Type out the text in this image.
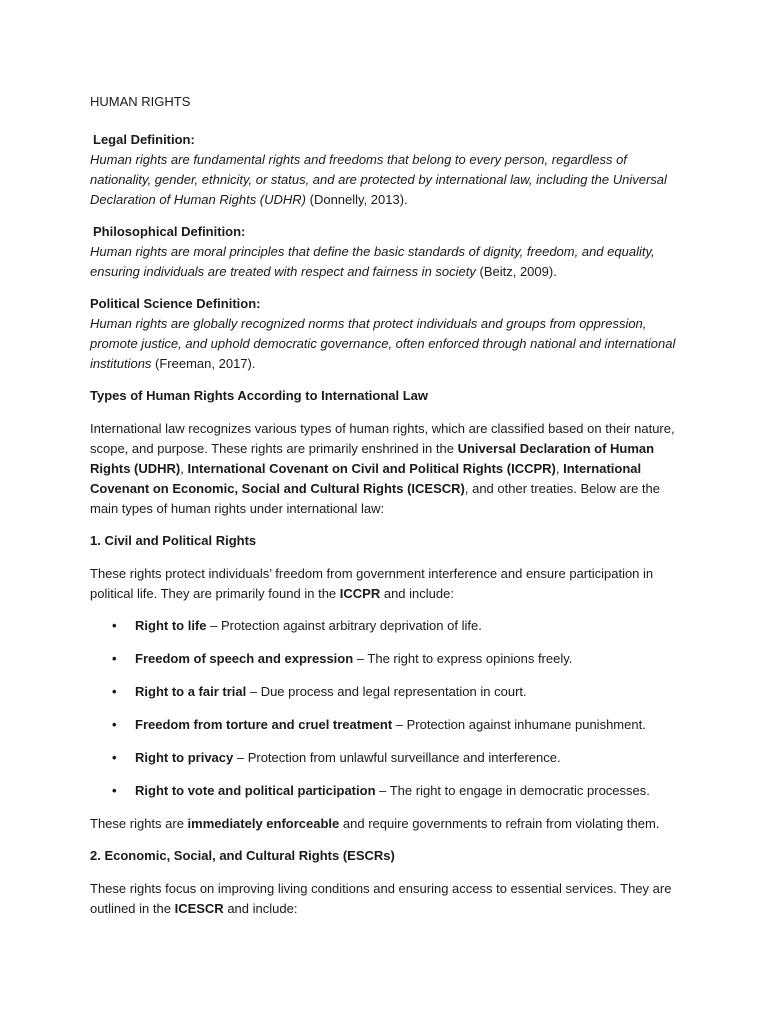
HUMAN RIGHTS

Legal Definition:

Human rights are fundamental rights and freedoms that belong to every person, regardless of nationality, gender, ethnicity, or status, and are protected by international law, including the Universal Declaration of Human Rights (UDHR) (Donnelly, 2013).

Philosophical Definition:

Human rights are moral principles that define the basic standards of dignity, freedom, and equality, ensuring individuals are treated with respect and fairness in society (Beitz, 2009).

Political Science Definition:

Human rights are globally recognized norms that protect individuals and groups from oppression, promote justice, and uphold democratic governance, often enforced through national and international institutions (Freeman, 2017).

Types of Human Rights According to International Law

International law recognizes various types of human rights, which are classified based on their nature, scope, and purpose. These rights are primarily enshrined in the Universal Declaration of Human Rights (UDHR), International Covenant on Civil and Political Rights (ICCPR), International Covenant on Economic, Social and Cultural Rights (ICESCR), and other treaties. Below are the main types of human rights under international law:

1. Civil and Political Rights

These rights protect individuals’ freedom from government interference and ensure participation in political life. They are primarily found in the ICCPR and include:

• Right to life – Protection against arbitrary deprivation of life.
• Freedom of speech and expression – The right to express opinions freely.
• Right to a fair trial – Due process and legal representation in court.
• Freedom from torture and cruel treatment – Protection against inhumane punishment.
• Right to privacy – Protection from unlawful surveillance and interference.
• Right to vote and political participation – The right to engage in democratic processes.

These rights are immediately enforceable and require governments to refrain from violating them.

2. Economic, Social, and Cultural Rights (ESCRs)

These rights focus on improving living conditions and ensuring access to essential services. They are outlined in the ICESCR and include:
